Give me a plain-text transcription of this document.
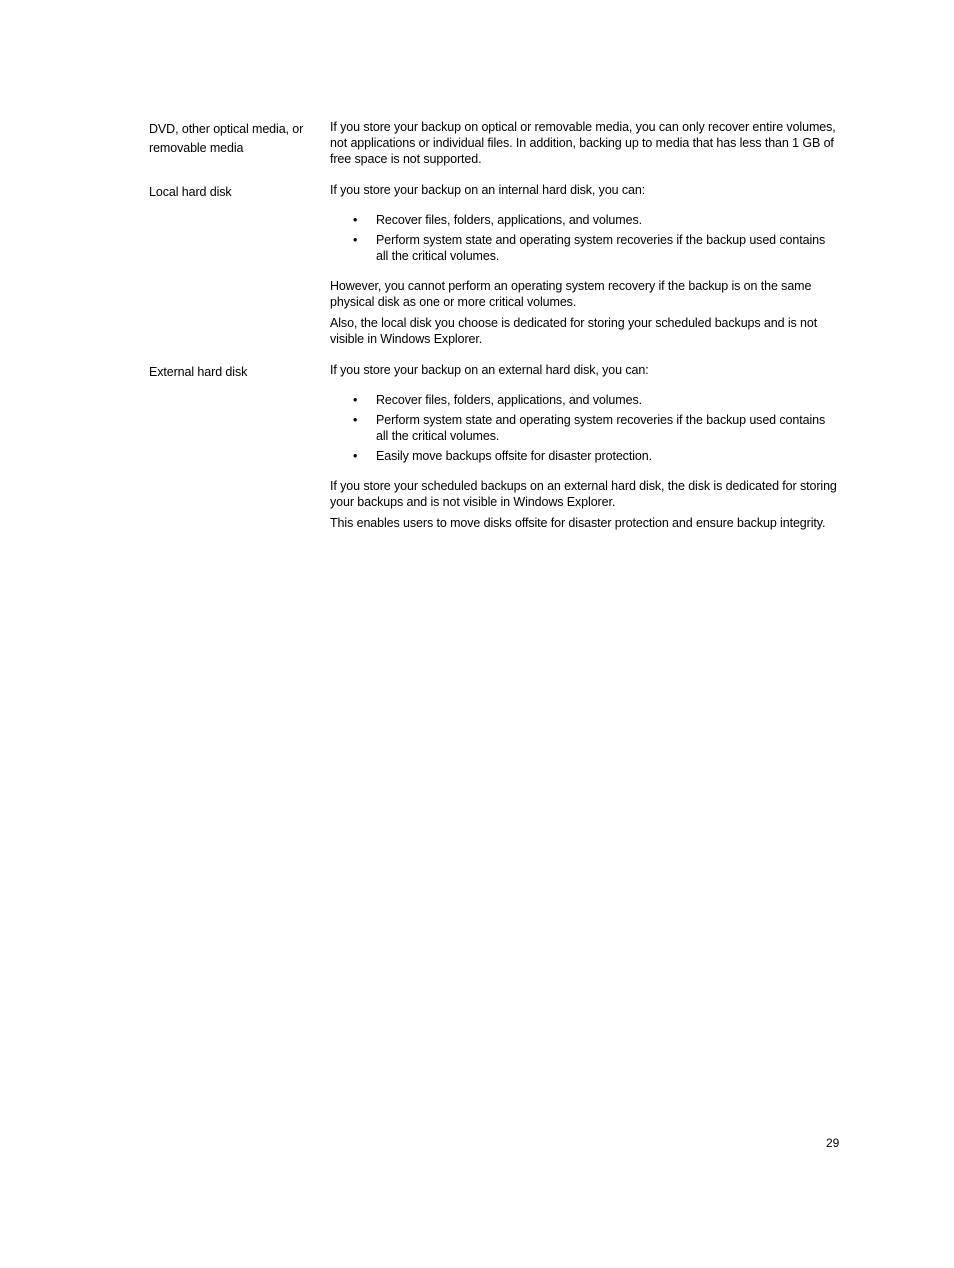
DVD, other optical media, or removable media

If you store your backup on optical or removable media, you can only recover entire volumes, not applications or individual files. In addition, backing up to media that has less than 1 GB of free space is not supported.

Local hard disk	If you store your backup on an internal hard disk, you can:

• Recover files, folders, applications, and volumes.
• Perform system state and operating system recoveries if the backup used contains all the critical volumes.

However, you cannot perform an operating system recovery if the backup is on the same physical disk as one or more critical volumes.

Also, the local disk you choose is dedicated for storing your scheduled backups and is not visible in Windows Explorer.

External hard disk	If you store your backup on an external hard disk, you can:

• Recover files, folders, applications, and volumes.
• Perform system state and operating system recoveries if the backup used contains all the critical volumes.
• Easily move backups offsite for disaster protection.

If you store your scheduled backups on an external hard disk, the disk is dedicated for storing your backups and is not visible in Windows Explorer.

This enables users to move disks offsite for disaster protection and ensure backup integrity.

29
